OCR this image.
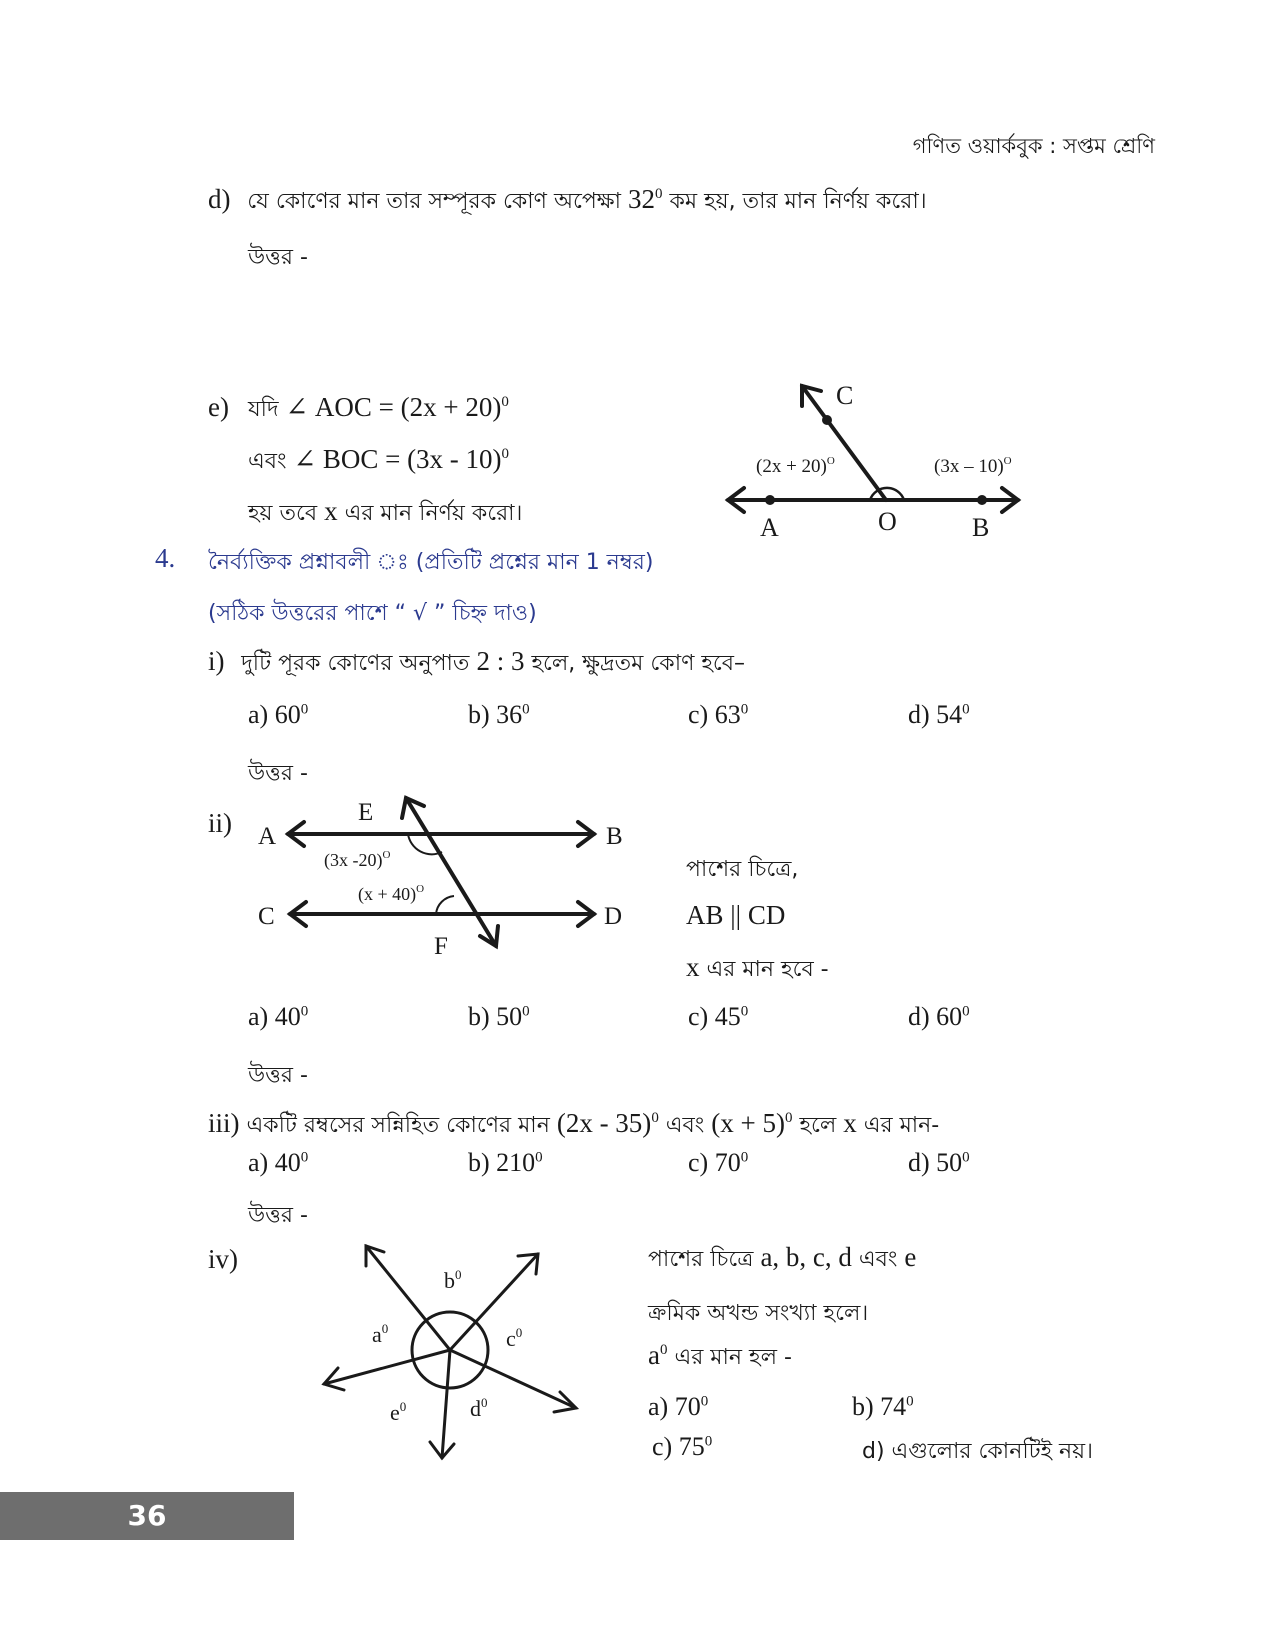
গণিত ওয়ার্কবুক : সপ্তম শ্রেণি
d) যে কোণের মান তার সম্পূরক কোণ অপেক্ষা $32^0$ কম হয়, তার মান নির্ণয় করো।
উত্তর -
e) যদি ∠ AOC = $(2x + 20)^0$
এবং ∠ BOC = (3x - 10)$^0$
হয় তবে x এর মান নির্ণয় করো।
C
A	O	B
$(2x + 20)^O$	(3x – 10)$^O$
4. নৈর্ব্যক্তিক প্রশ্নাবলী ঃ (প্রতিটি প্রশ্নের মান 1 নম্বর)
(সঠিক উত্তরের পাশে “ √ ” চিহ্ন দাও)
i) দুটি পূরক কোণের অনুপাত 2 : 3 হলে, ক্ষুদ্রতম কোণ হবে–
a) $60^0$	b) $36^0$	c) $63^0$	d) $54^0$
উত্তর -
ii)	E
A	B
C	D
F
(3x -20)$^O$
$(x + 40)^O$
পাশের চিত্রে,
AB || CD
x এর মান হবে -
a) $40^0$	b) $50^0$	c) $45^0$	d) $60^0$
উত্তর -
iii) একটি রম্বসের সন্নিহিত কোণের মান (2x - 35)$^0$ এবং $(x + 5)^0$ হলে x এর মান-
a) $40^0$	b) $210^0$	c) $70^0$	d) $50^0$
উত্তর -
iv)
$b^0$
$a^0$	$c^0$
$e^0$	$d^0$
পাশের চিত্রে a, b, c, d এবং e
ক্রমিক অখন্ড সংখ্যা হলে।
$a^0$ এর মান হল -
a) $70^0$	b) $74^0$
c) $75^0$	d) এগুলোর কোনটিই নয়।
36
